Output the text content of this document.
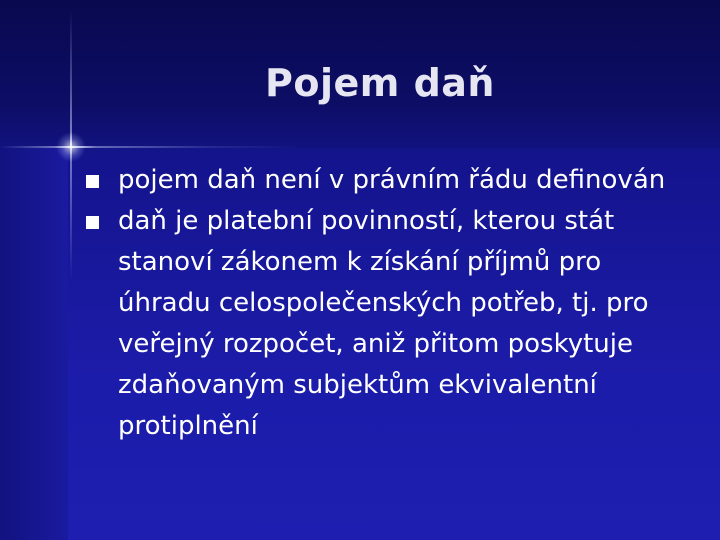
Pojem daň
pojem daň není v právním řádu definován
daň je platební povinností, kterou stát stanoví zákonem k získání příjmů pro úhradu celospolečenských potřeb, tj. pro veřejný rozpočet, aniž přitom poskytuje zdaňovaným subjektům ekvivalentní protiplnění
